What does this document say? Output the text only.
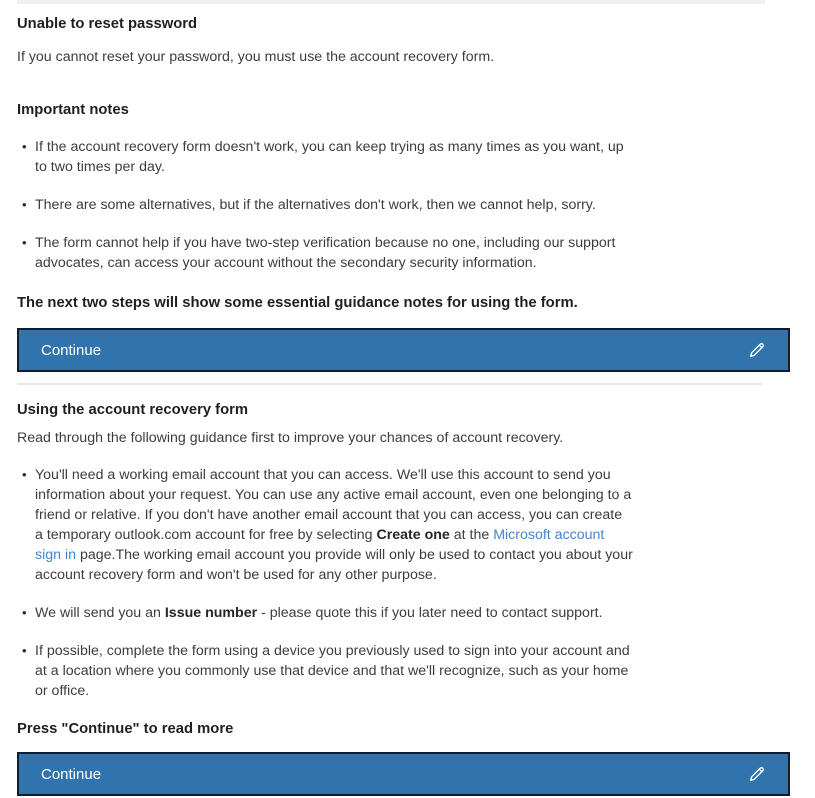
Unable to reset password

If you cannot reset your password, you must use the account recovery form.

Important notes
• If the account recovery form doesn't work, you can keep trying as many times as you want, up to two times per day.
• There are some alternatives, but if the alternatives don't work, then we cannot help, sorry.
• The form cannot help if you have two-step verification because no one, including our support advocates, can access your account without the secondary security information.

The next two steps will show some essential guidance notes for using the form.

Continue
Using the account recovery form

Read through the following guidance first to improve your chances of account recovery.

• You'll need a working email account that you can access. We'll use this account to send you information about your request. You can use any active email account, even one belonging to a friend or relative. If you don't have another email account that you can access, you can create a temporary outlook.com account for free by selecting Create one at the Microsoft account sign in page.The working email account you provide will only be used to contact you about your account recovery form and won't be used for any other purpose.
• We will send you an Issue number - please quote this if you later need to contact support.
• If possible, complete the form using a device you previously used to sign into your account and at a location where you commonly use that device and that we'll recognize, such as your home or office.
Press "Continue" to read more
Continue
